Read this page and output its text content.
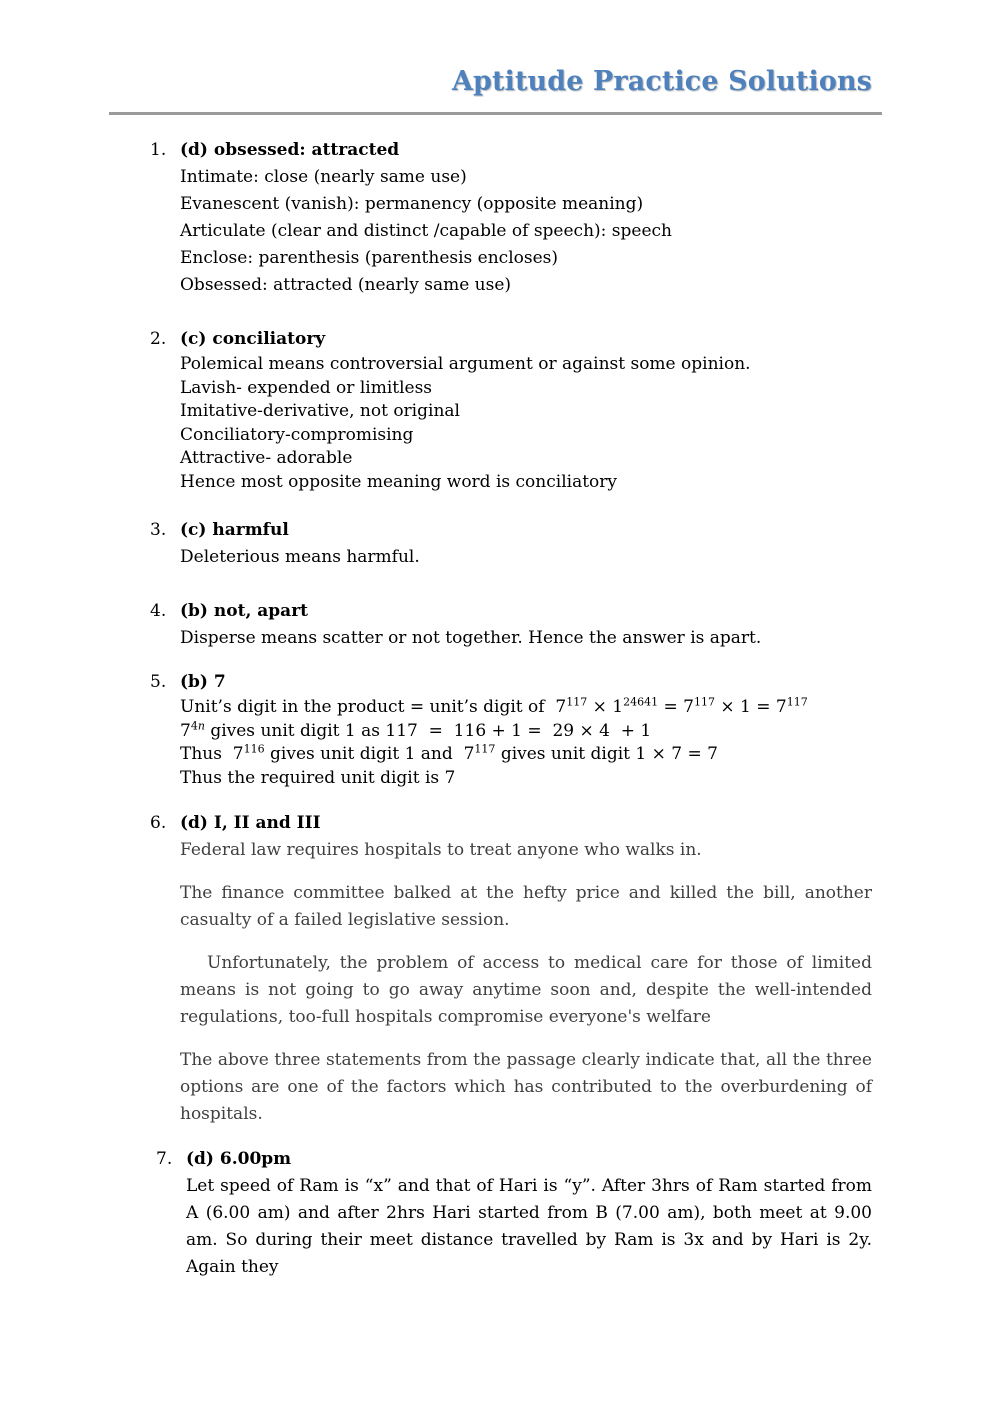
Aptitude Practice Solutions
1. (d) obsessed: attracted
Intimate: close (nearly same use)
Evanescent (vanish): permanency (opposite meaning)
Articulate (clear and distinct /capable of speech): speech
Enclose: parenthesis (parenthesis encloses)
Obsessed: attracted (nearly same use)
2. (c) conciliatory
Polemical means controversial argument or against some opinion.
Lavish- expended or limitless
Imitative-derivative, not original
Conciliatory-compromising
Attractive- adorable
Hence most opposite meaning word is conciliatory
3. (c) harmful
Deleterious means harmful.
4. (b) not, apart
Disperse means scatter or not together. Hence the answer is apart.
5. (b) 7
Unit’s digit in the product = unit’s digit of $7^{117} \times 1^{24641} = 7^{117} \times 1 = 7^{117}$
$7^{4n}$ gives unit digit 1 as 117  =  116 + 1 =  29 × 4  + 1
Thus $7^{116}$ gives unit digit 1 and $7^{117}$ gives unit digit 1 × 7 = 7
Thus the required unit digit is 7
6. (d) I, II and III
Federal law requires hospitals to treat anyone who walks in.
The finance committee balked at the hefty price and killed the bill, another casualty of a failed legislative session.
Unfortunately, the problem of access to medical care for those of limited means is not going to go away anytime soon and, despite the well-intended regulations, too-full hospitals compromise everyone's welfare
The above three statements from the passage clearly indicate that, all the three options are one of the factors which has contributed to the overburdening of hospitals.
7. (d) 6.00pm
Let speed of Ram is “x” and that of Hari is “y”. After 3hrs of Ram started from A (6.00 am) and after 2hrs Hari started from B (7.00 am), both meet at 9.00 am. So during their meet distance travelled by Ram is 3x and by Hari is 2y. Again they
